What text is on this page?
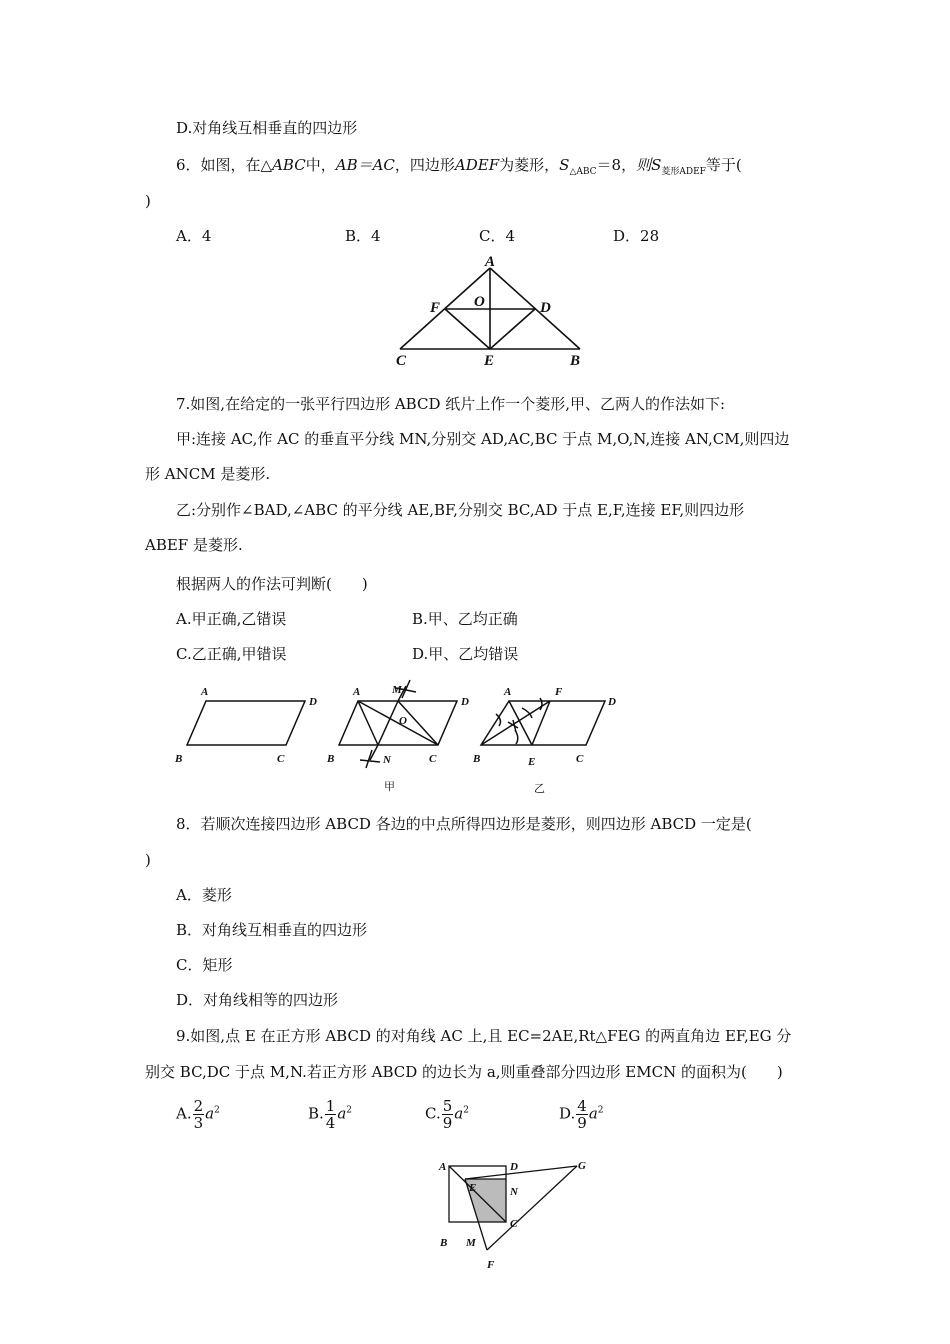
D.对角线互相垂直的四边形
6．如图，在△ABC中，AB＝AC，四边形ADEF为菱形，$S_{\triangle ABC}=8$，则$S_{菱形ADEF}$等于(
)
A．4	B．4	C．4	D．28
A
O
F	D
C	E	B
7.如图,在给定的一张平行四边形 ABCD 纸片上作一个菱形,甲、乙两人的作法如下:
甲:连接 AC,作 AC 的垂直平分线 MN,分别交 AD,AC,BC 于点 M,O,N,连接 AN,CM,则四边
形 ANCM 是菱形.
乙:分别作∠BAD,∠ABC 的平分线 AE,BF,分别交 BC,AD 于点 E,F,连接 EF,则四边形
ABEF 是菱形.
根据两人的作法可判断(　　)
A.甲正确,乙错误	B.甲、乙均正确
C.乙正确,甲错误	D.甲、乙均错误
A
D
B	C
A	M
O
D
B	N	C
A	F
D
B	E	C
甲	乙
8．若顺次连接四边形 ABCD 各边的中点所得四边形是菱形，则四边形 ABCD 一定是(
)
A．菱形
B．对角线互相垂直的四边形
C．矩形
D．对角线相等的四边形
9.如图,点 E 在正方形 ABCD 的对角线 AC 上,且 EC=2AE,Rt△FEG 的两直角边 EF,EG 分
别交 BC,DC 于点 M,N.若正方形 ABCD 的边长为 a,则重叠部分四边形 EMCN 的面积为(　　)
A. $\frac{2}{3} a^2$	B. $\frac{1}{4} a^2$	C. $\frac{5}{9} a^2$	D. $\frac{4}{9} a^2$
A	D	G
E	N
C
B M
F
